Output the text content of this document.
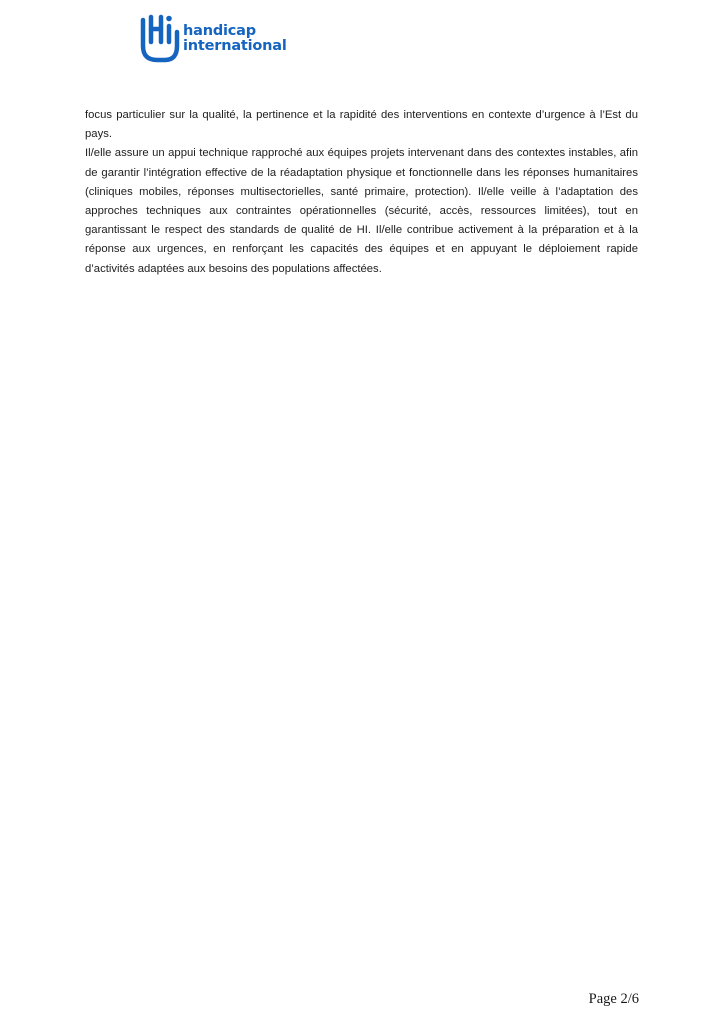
handicap
international

focus particulier sur la qualité, la pertinence et la rapidité des interventions en contexte d’urgence à l’Est du pays.

Il/elle assure un appui technique rapproché aux équipes projets intervenant dans des contextes instables, afin de garantir l’intégration effective de la réadaptation physique et fonctionnelle dans les réponses humanitaires (cliniques mobiles, réponses multisectorielles, santé primaire, protection). Il/elle veille à l’adaptation des approches techniques aux contraintes opérationnelles (sécurité, accès, ressources limitées), tout en garantissant le respect des standards de qualité de HI. Il/elle contribue activement à la préparation et à la réponse aux urgences, en renforçant les capacités des équipes et en appuyant le déploiement rapide d’activités adaptées aux besoins des populations affectées.

Page 2/6
